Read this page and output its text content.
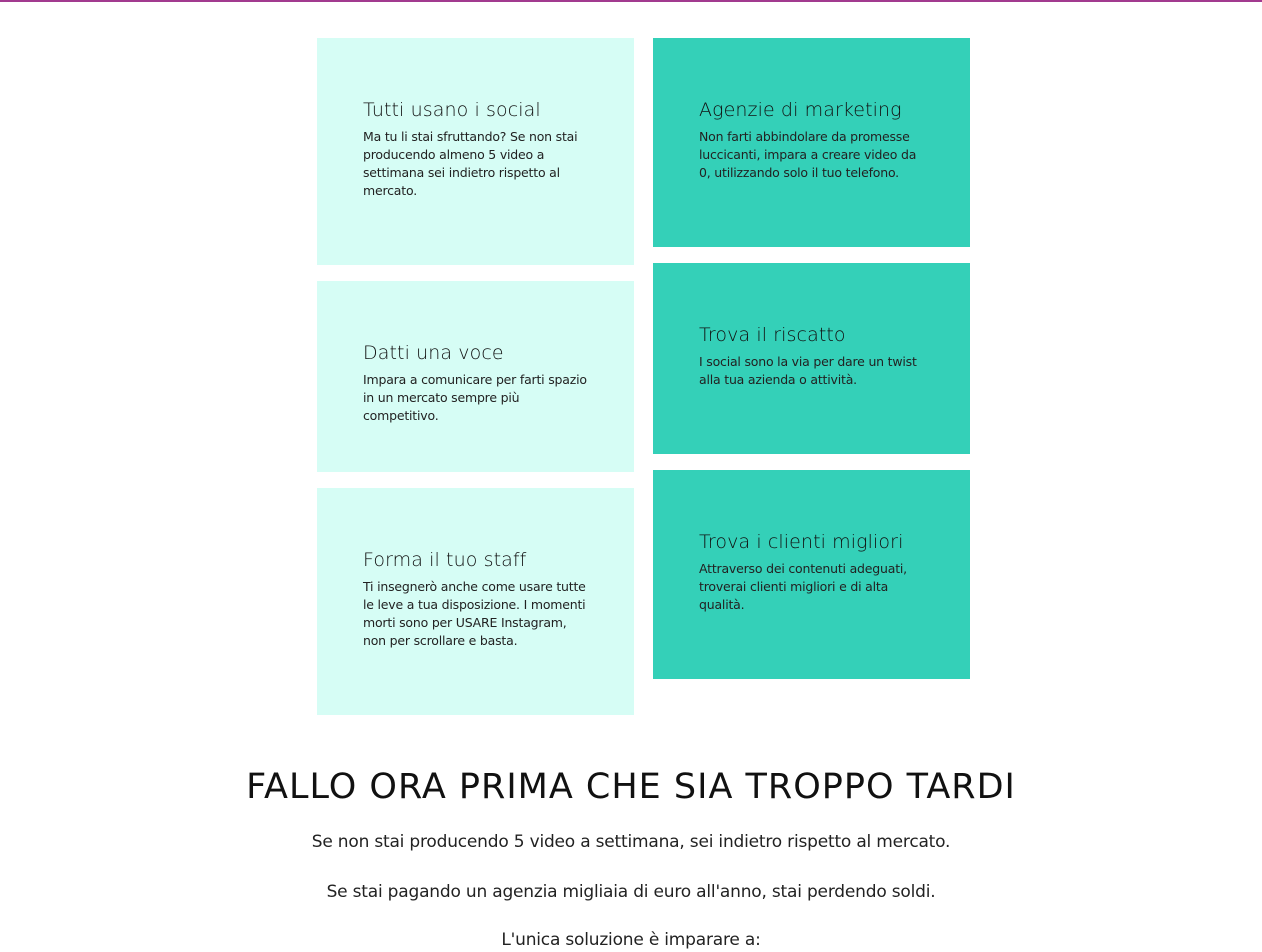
Tutti usano i social

Ma tu li stai sfruttando? Se non stai producendo almeno 5 video a settimana sei indietro rispetto al mercato.

Datti una voce

Impara a comunicare per farti spazio in un mercato sempre più competitivo.

Forma il tuo staff

Ti insegnerò anche come usare tutte le leve a tua disposizione. I momenti morti sono per USARE Instagram, non per scrollare e basta.

Agenzie di marketing

Non farti abbindolare da promesse luccicanti, impara a creare video da 0, utilizzando solo il tuo telefono.

Trova il riscatto

I social sono la via per dare un twist alla tua azienda o attività.

Trova i clienti migliori

Attraverso dei contenuti adeguati, troverai clienti migliori e di alta qualità.

FALLO ORA PRIMA CHE SIA TROPPO TARDI

Se non stai producendo 5 video a settimana, sei indietro rispetto al mercato.

Se stai pagando un agenzia migliaia di euro all'anno, stai perdendo soldi.

L'unica soluzione è imparare a:
